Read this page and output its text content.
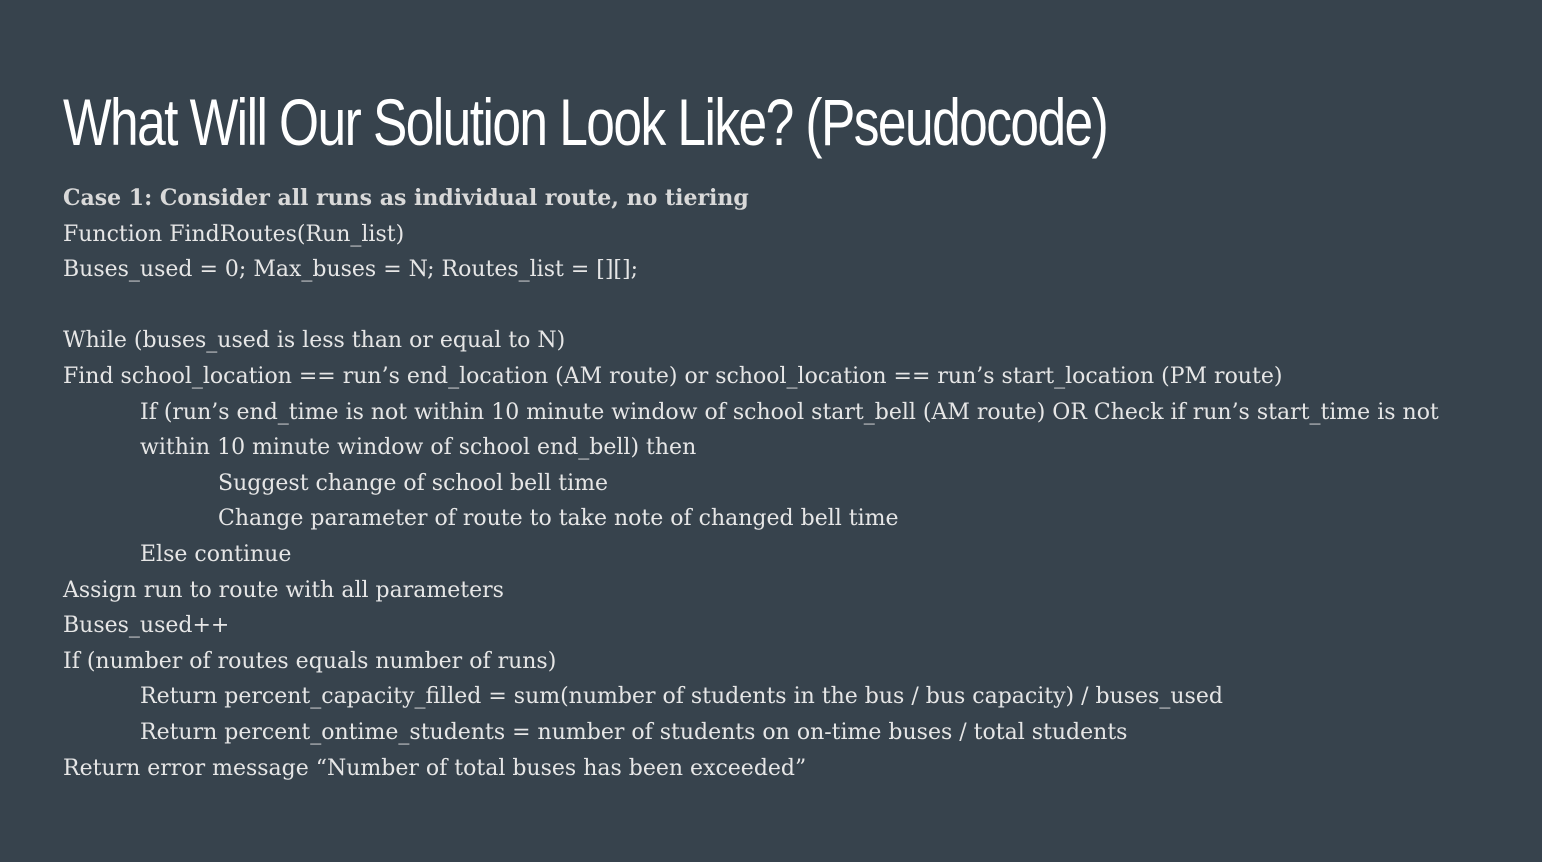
What Will Our Solution Look Like? (Pseudocode)
Case 1: Consider all runs as individual route, no tiering
Function FindRoutes(Run_list)
Buses_used = 0; Max_buses = N; Routes_list = [][];
While (buses_used is less than or equal to N)
Find school_location == run’s end_location (AM route) or school_location == run’s start_location (PM route)
If (run’s end_time is not within 10 minute window of school start_bell (AM route) OR Check if run’s start_time is not
within 10 minute window of school end_bell) then
Suggest change of school bell time
Change parameter of route to take note of changed bell time
Else continue
Assign run to route with all parameters
Buses_used++
If (number of routes equals number of runs)
Return percent_capacity_filled = sum(number of students in the bus / bus capacity) / buses_used
Return percent_ontime_students = number of students on on-time buses / total students
Return error message “Number of total buses has been exceeded”
